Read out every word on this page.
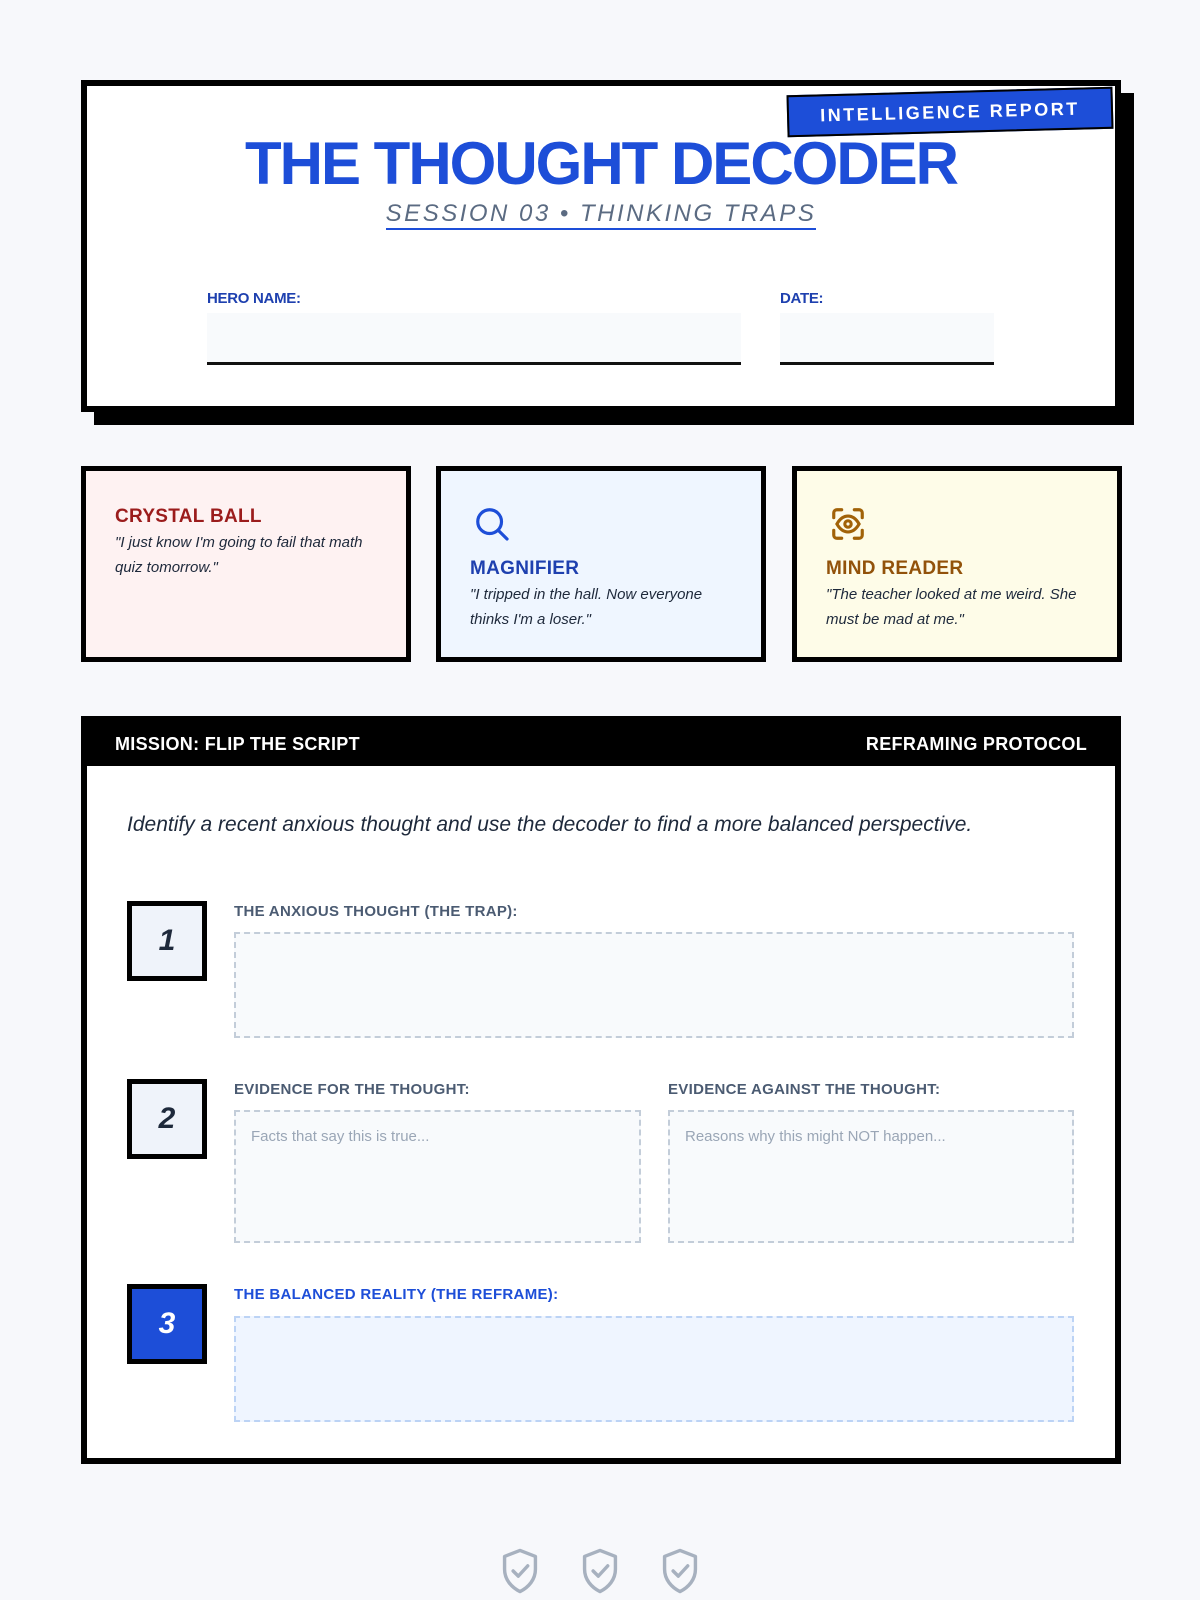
INTELLIGENCE REPORT
THE THOUGHT DECODER
SESSION 03 • THINKING TRAPS
HERO NAME:	DATE:
CRYSTAL BALL
"I just know I'm going to fail that math quiz tomorrow."	MAGNIFIER
"I tripped in the hall. Now everyone thinks I'm a loser."
MIND READER
"The teacher looked at me weird. She must be mad at me."
MISSION: FLIP THE SCRIPT	REFRAMING PROTOCOL
Identify a recent anxious thought and use the decoder to find a more balanced perspective.
1
THE ANXIOUS THOUGHT (THE TRAP):
2
EVIDENCE FOR THE THOUGHT:
Facts that say this is true...	EVIDENCE AGAINST THE THOUGHT:
Reasons why this might NOT happen...
3
THE BALANCED REALITY (THE REFRAME):
